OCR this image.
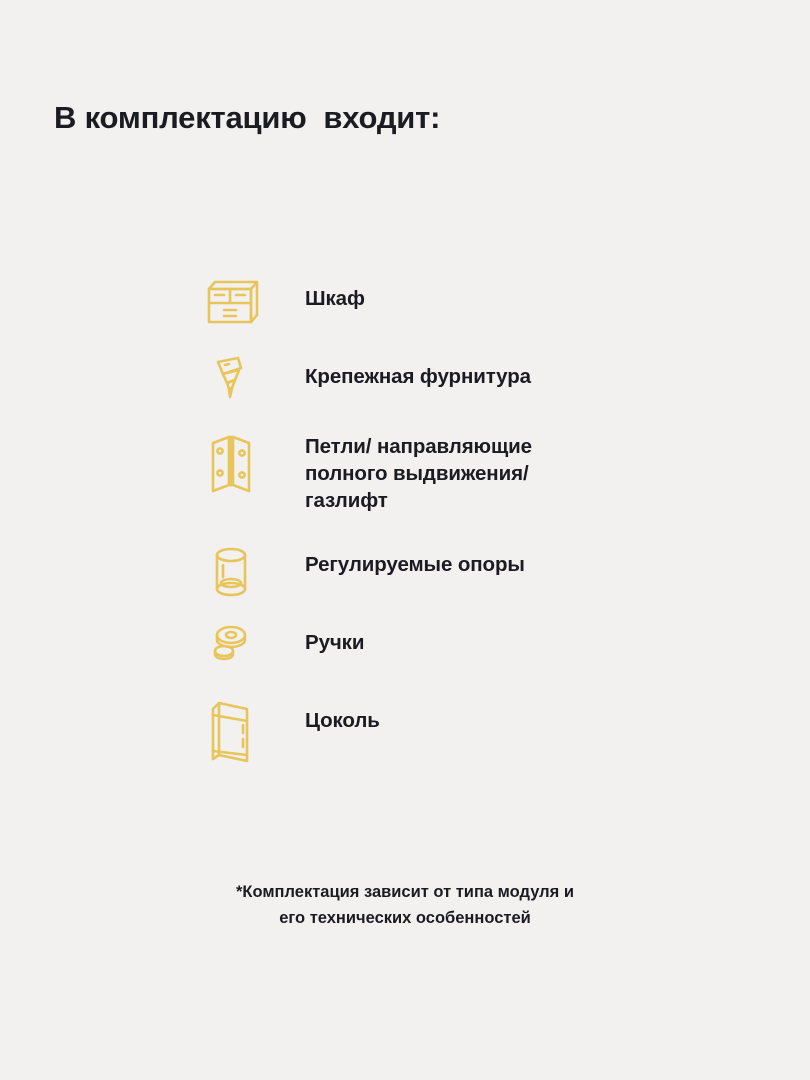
В комплектацию  входит:
Шкаф
Крепежная фурнитура
Петли/ направляющие
полного выдвижения/
газлифт
Регулируемые опоры
Ручки
Цоколь
*Комплектация зависит от типа модуля и
его технических особенностей
